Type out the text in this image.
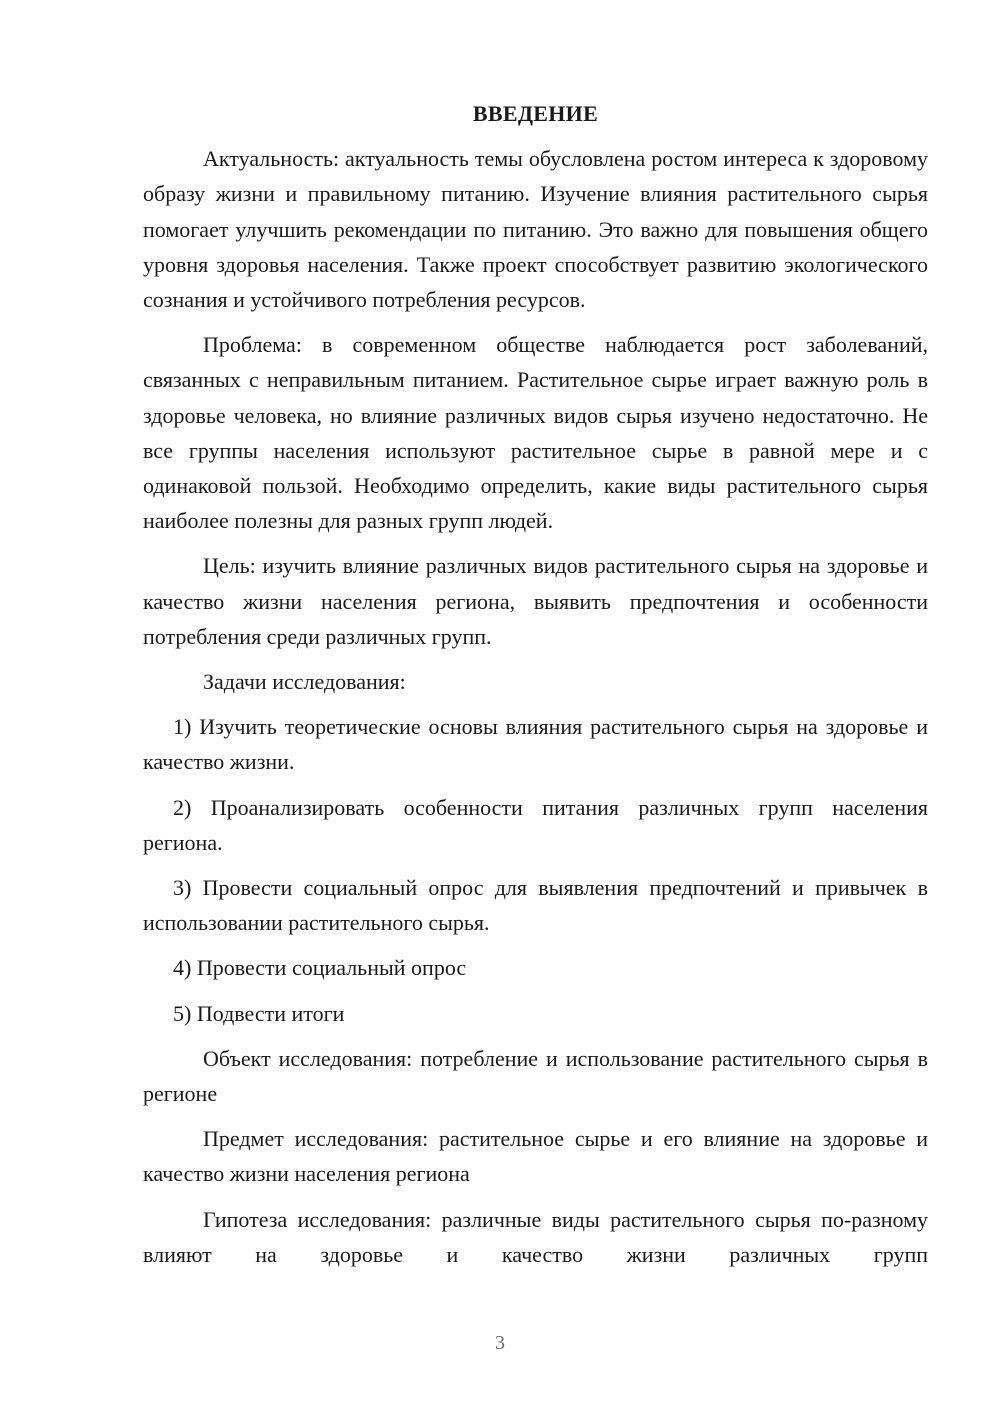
ВВЕДЕНИЕ

Актуальность: актуальность темы обусловлена ростом интереса к здоровому образу жизни и правильному питанию. Изучение влияния растительного сырья помогает улучшить рекомендации по питанию. Это важно для повышения общего уровня здоровья населения. Также проект способствует развитию экологического сознания и устойчивого потребления ресурсов.

Проблема: в современном обществе наблюдается рост заболеваний, связанных с неправильным питанием. Растительное сырье играет важную роль в здоровье человека, но влияние различных видов сырья изучено недостаточно. Не все группы населения используют растительное сырье в равной мере и с одинаковой пользой. Необходимо определить, какие виды растительного сырья наиболее полезны для разных групп людей.

Цель: изучить влияние различных видов растительного сырья на здоровье и качество жизни населения региона, выявить предпочтения и особенности потребления среди различных групп.

Задачи исследования:

1) Изучить теоретические основы влияния растительного сырья на здоровье и качество жизни.

2) Проанализировать особенности питания различных групп населения региона.

3) Провести социальный опрос для выявления предпочтений и привычек в использовании растительного сырья.

4) Провести социальный опрос

5) Подвести итоги

Объект исследования: потребление и использование растительного сырья в регионе

Предмет исследования: растительное сырье и его влияние на здоровье и качество жизни населения региона

Гипотеза исследования: различные виды растительного сырья по-разному влияют на здоровье и качество жизни различных групп

3
